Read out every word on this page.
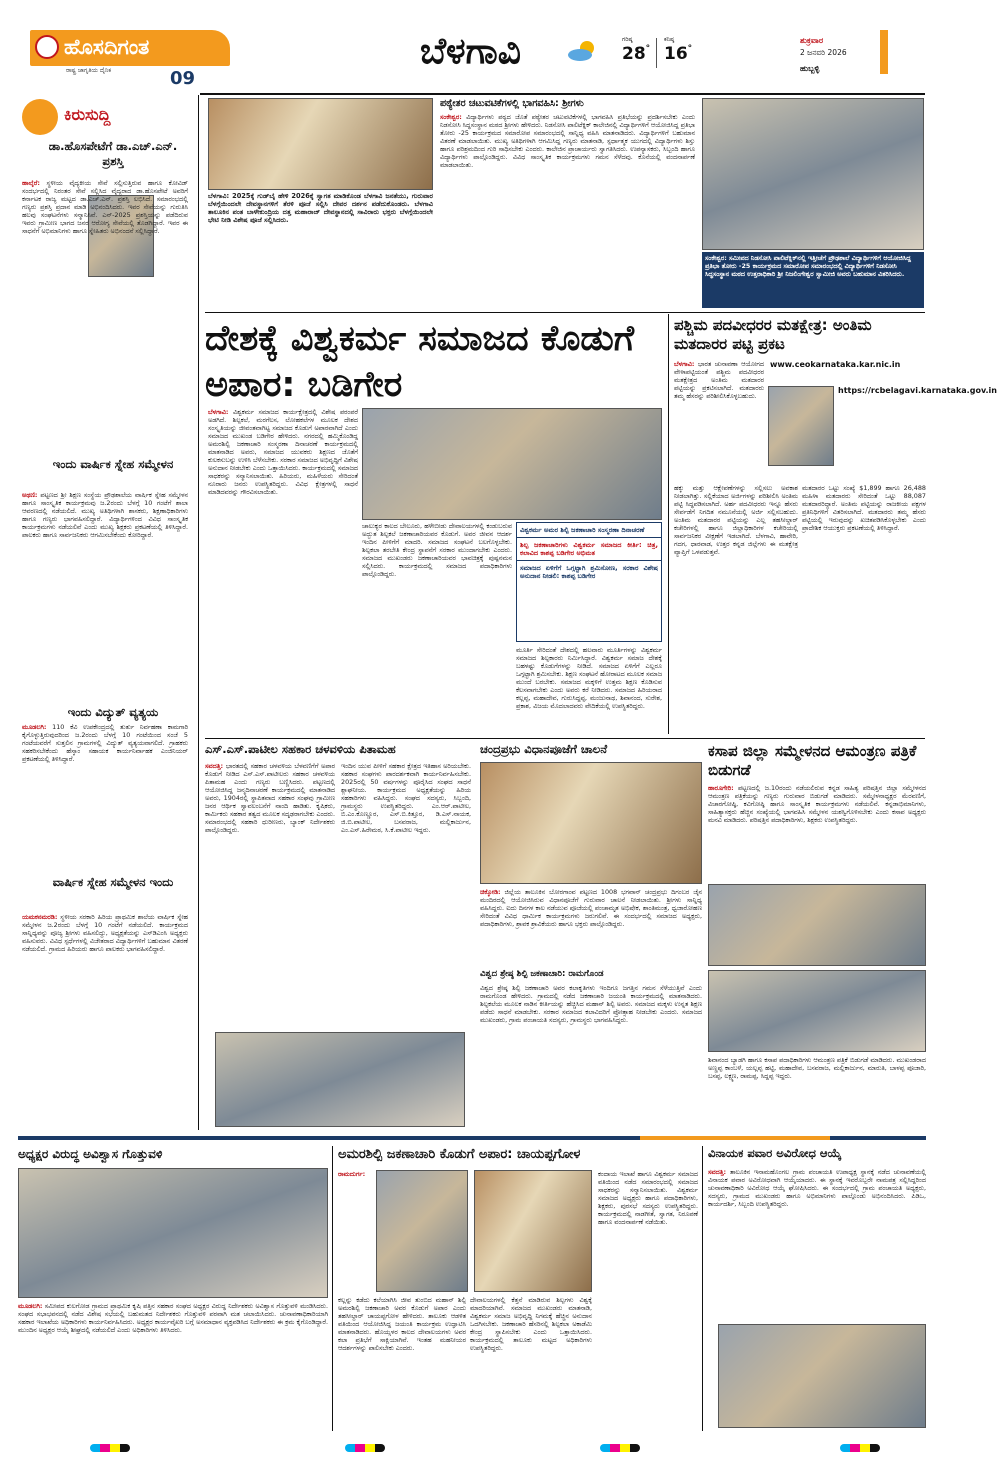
ಹೊಸದಿಗಂತ
ರಾಷ್ಟ್ರ ಜಾಗೃತಿಯ ದೈನಿಕ	09
ಬೆಳಗಾವಿ	ಗರಿಷ್ಠ
28°
ಕನಿಷ್ಠ
16°
ಶುಕ್ರವಾರ
2 ಜನವರಿ 2026
ಹುಬ್ಬಳ್ಳಿ
ಕಿರುಸುದ್ದಿ
ಡಾ.ಹೊಸಪೇಟೆಗೆ ಡಾ.ಎಚ್.ಎನ್. ಪ್ರಶಸ್ತಿ
ಹಾಲ್ಕೆರೆ: ಸ್ಥಳೀಯ ವೈದ್ಯಕೀಯ ಸೇವೆ ಸಲ್ಲಿಸುತ್ತಿರುವ ಹಾಗೂ ಕೋವಿಡ್ ಸಂದರ್ಭದಲ್ಲಿ ನಿರಂತರ ಸೇವೆ ಸಲ್ಲಿಸಿದ ವೈದ್ಯರಾದ ಡಾ.ಹೊಸಪೇಟೆ ಅವರಿಗೆ ಕರ್ನಾಟಕ ರಾಜ್ಯ ಮಟ್ಟದ ಡಾ.ಎಚ್.ಎನ್. ಪ್ರಶಸ್ತಿ ಲಭಿಸಿದೆ. ಸಮಾರಂಭದಲ್ಲಿ ಗಣ್ಯರು ಪ್ರಶಸ್ತಿ ಪ್ರದಾನ ಮಾಡಿ ಅಭಿನಂದಿಸಿದರು. ಇವರ ಸೇವೆಯನ್ನು ಗುರುತಿಸಿ ಹಲವು ಸಂಘಟನೆಗಳು ಸನ್ಮಾನಿಸಿವೆ. ಎನ್-2025 ಪ್ರಶಸ್ತಿಯನ್ನು ಪಡೆದಿರುವ ಇವರು ಗ್ರಾಮೀಣ ಭಾಗದ ಜನರ ಆರೋಗ್ಯ ಸೇವೆಯಲ್ಲಿ ತೊಡಗಿದ್ದಾರೆ. ಇವರ ಈ ಸಾಧನೆಗೆ ಅಭಿಮಾನಿಗಳು ಹಾಗೂ ಸ್ನೇಹಿತರು ಅಭಿನಂದನೆ ಸಲ್ಲಿಸಿದ್ದಾರೆ.
ಇಂದು ವಾರ್ಷಿಕ ಸ್ನೇಹ ಸಮ್ಮೇಳನ
ಅಥಣಿ: ಪಟ್ಟಣದ ಶ್ರೀ ಶಿಕ್ಷಣ ಸಂಸ್ಥೆಯ ಪ್ರೌಢಶಾಲೆಯ ವಾರ್ಷಿಕ ಸ್ನೇಹ ಸಮ್ಮೇಳನ ಹಾಗೂ ಸಾಂಸ್ಕೃತಿಕ ಕಾರ್ಯಕ್ರಮವು ಜ.2ರಂದು ಬೆಳಗ್ಗೆ 10 ಗಂಟೆಗೆ ಶಾಲಾ ಆವರಣದಲ್ಲಿ ನಡೆಯಲಿದೆ. ಮುಖ್ಯ ಅತಿಥಿಗಳಾಗಿ ಶಾಸಕರು, ಶಿಕ್ಷಣಾಧಿಕಾರಿಗಳು ಹಾಗೂ ಗಣ್ಯರು ಭಾಗವಹಿಸಲಿದ್ದಾರೆ. ವಿದ್ಯಾರ್ಥಿಗಳಿಂದ ವಿವಿಧ ಸಾಂಸ್ಕೃತಿಕ ಕಾರ್ಯಕ್ರಮಗಳು ನಡೆಯಲಿವೆ ಎಂದು ಮುಖ್ಯ ಶಿಕ್ಷಕರು ಪ್ರಕಟಣೆಯಲ್ಲಿ ತಿಳಿಸಿದ್ದಾರೆ. ಪಾಲಕರು ಹಾಗೂ ಸಾರ್ವಜನಿಕರು ಆಗಮಿಸಬೇಕೆಂದು ಕೋರಿದ್ದಾರೆ.
ಇಂದು ವಿದ್ಯುತ್ ವ್ಯತ್ಯಯ
ಮೂಡಲಗಿ: 110 ಕೆವಿ ಉಪಕೇಂದ್ರದಲ್ಲಿ ತುರ್ತು ನಿರ್ವಹಣಾ ಕಾಮಗಾರಿ ಕೈಗೊಳ್ಳುತ್ತಿರುವುದರಿಂದ ಜ.2ರಂದು ಬೆಳಗ್ಗೆ 10 ಗಂಟೆಯಿಂದ ಸಂಜೆ 5 ಗಂಟೆಯವರೆಗೆ ಸುತ್ತಲಿನ ಗ್ರಾಮಗಳಲ್ಲಿ ವಿದ್ಯುತ್ ವ್ಯತ್ಯಯವಾಗಲಿದೆ. ಗ್ರಾಹಕರು ಸಹಕರಿಸಬೇಕೆಂದು ಹೆಸ್ಕಾಂ ಸಹಾಯಕ ಕಾರ್ಯನಿರ್ವಾಹಕ ಎಂಜಿನಿಯರ್ ಪ್ರಕಟಣೆಯಲ್ಲಿ ತಿಳಿಸಿದ್ದಾರೆ.
ವಾರ್ಷಿಕ ಸ್ನೇಹ ಸಮ್ಮೇಳನ ಇಂದು
ಯಮಕನಮರಡಿ: ಸ್ಥಳೀಯ ಸರಕಾರಿ ಹಿರಿಯ ಪ್ರಾಥಮಿಕ ಶಾಲೆಯ ವಾರ್ಷಿಕ ಸ್ನೇಹ ಸಮ್ಮೇಳನ ಜ.2ರಂದು ಬೆಳಗ್ಗೆ 10 ಗಂಟೆಗೆ ನಡೆಯಲಿದೆ. ಕಾರ್ಯಕ್ರಮದ ಸಾನ್ನಿಧ್ಯವನ್ನು ಪೂಜ್ಯ ಶ್ರೀಗಳು ವಹಿಸಲಿದ್ದು, ಅಧ್ಯಕ್ಷತೆಯನ್ನು ಎಸ್‌ಡಿಎಂಸಿ ಅಧ್ಯಕ್ಷರು ವಹಿಸುವರು. ವಿವಿಧ ಸ್ಪರ್ಧೆಗಳಲ್ಲಿ ವಿಜೇತರಾದ ವಿದ್ಯಾರ್ಥಿಗಳಿಗೆ ಬಹುಮಾನ ವಿತರಣೆ ನಡೆಯಲಿದೆ. ಗ್ರಾಮದ ಹಿರಿಯರು ಹಾಗೂ ಪಾಲಕರು ಭಾಗವಹಿಸಲಿದ್ದಾರೆ.
ಬೆಳಗಾವಿ: 2025ಕ್ಕೆ ಗುಡ್‌ಬೈ ಹೇಳಿ 2026ಕ್ಕೆ ಸ್ವಾಗತ ಮಾಡಿಕೊಂಡ ಬೆಳಗಾವಿ ಜನತೆಯು, ಗುರುವಾರ ಬೆಳಗ್ಗೆಯಿಂದಲೇ ದೇವಸ್ಥಾನಗಳಿಗೆ ತೆರಳಿ ಪೂಜೆ ಸಲ್ಲಿಸಿ ದೇವರ ದರ್ಶನ ಪಡೆದುಕೊಂಡರು. ಬೆಳಗಾವಿ ತಾಲೂಕಿನ ಪಂತ ಬಾಳೇಕುಂದ್ರಿಯ ದತ್ತ ಮಹಾರಾಜ್ ದೇವಸ್ಥಾನದಲ್ಲಿ ಸಾವಿರಾರು ಭಕ್ತರು ಬೆಳಗ್ಗೆಯಿಂದಲೇ ಭೇಟಿ ನೀಡಿ ವಿಶೇಷ ಪೂಜೆ ಸಲ್ಲಿಸಿದರು.
ಪಠ್ಯೇತರ ಚಟುವಟಿಕೆಗಳಲ್ಲಿ ಭಾಗವಹಿಸಿ: ಶ್ರೀಗಳು
ಸಂಕೇಶ್ವರ: ವಿದ್ಯಾರ್ಥಿಗಳು ಪಠ್ಯದ ಜೊತೆ ಪಠ್ಯೇತರ ಚಟುವಟಿಕೆಗಳಲ್ಲಿ ಭಾಗವಹಿಸಿ ಪ್ರತಿಭೆಯನ್ನು ಪ್ರದರ್ಶಿಸಬೇಕು ಎಂದು ನಿಡಸೋಸಿ ಸಿದ್ಧಸಂಸ್ಥಾನ ಮಠದ ಶ್ರೀಗಳು ಹೇಳಿದರು. ನಿಡಸೋಸಿ ಪಾಲಿಟೆಕ್ನಿಕ್ ಕಾಲೇಜಿನಲ್ಲಿ ವಿದ್ಯಾರ್ಥಿಗಳಿಗೆ ಆಯೋಜಿಸಿದ್ದ ಪ್ರತಿಭಾ ತೋರು -25 ಕಾರ್ಯಕ್ರಮದ ಸಮಾರೋಪ ಸಮಾರಂಭದಲ್ಲಿ ಸಾನ್ನಿಧ್ಯ ವಹಿಸಿ ಮಾತನಾಡಿದರು. ವಿದ್ಯಾರ್ಥಿಗಳಿಗೆ ಬಹುಮಾನ ವಿತರಣೆ ಮಾಡಲಾಯಿತು. ಮುಖ್ಯ ಅತಿಥಿಗಳಾಗಿ ಆಗಮಿಸಿದ್ದ ಗಣ್ಯರು ಮಾತನಾಡಿ, ಸ್ಪರ್ಧಾತ್ಮಕ ಯುಗದಲ್ಲಿ ವಿದ್ಯಾರ್ಥಿಗಳು ಶಿಸ್ತು ಹಾಗೂ ಪರಿಶ್ರಮದಿಂದ ಗುರಿ ಸಾಧಿಸಬೇಕು ಎಂದರು. ಕಾಲೇಜಿನ ಪ್ರಾಚಾರ್ಯರು ಸ್ವಾಗತಿಸಿದರು. ಉಪನ್ಯಾಸಕರು, ಸಿಬ್ಬಂದಿ ಹಾಗೂ ವಿದ್ಯಾರ್ಥಿಗಳು ಪಾಲ್ಗೊಂಡಿದ್ದರು. ವಿವಿಧ ಸಾಂಸ್ಕೃತಿಕ ಕಾರ್ಯಕ್ರಮಗಳು ಗಮನ ಸೆಳೆದವು. ಕೊನೆಯಲ್ಲಿ ವಂದನಾರ್ಪಣೆ ಮಾಡಲಾಯಿತು.
ಸಂಕೇಶ್ವರ: ಸಮೀಪದ ನಿಡಸೋಸಿ ಪಾಲಿಟೆಕ್ನಿಕ್‌ನಲ್ಲಿ ಇತ್ತೀಚೆಗೆ ಪ್ರೌಢಶಾಲೆ ವಿದ್ಯಾರ್ಥಿಗಳಿಗೆ ಆಯೋಜಿಸಿದ್ದ ಪ್ರತಿಭಾ ತೋರು -25 ಕಾರ್ಯಕ್ರಮದ ಸಮಾರೋಪ ಸಮಾರಂಭದಲ್ಲಿ ವಿದ್ಯಾರ್ಥಿಗಳಿಗೆ ನಿಡಸೋಸಿ ಸಿದ್ಧಸಂಸ್ಥಾನ ಮಠದ ಉತ್ತರಾಧಿಕಾರಿ ಶ್ರೀ ನಿಜಲಿಂಗೇಶ್ವರ ಸ್ವಾಮೀಜಿ ಅವರು ಬಹುಮಾನ ವಿತರಿಸಿದರು.
ದೇಶಕ್ಕೆ ವಿಶ್ವಕರ್ಮ ಸಮಾಜದ ಕೊಡುಗೆ ಅಪಾರ: ಬಡಿಗೇರ
ಬೆಳಗಾವಿ: ವಿಶ್ವಕರ್ಮ ಸಮಾಜದ ಕಾರ್ಯಕ್ಷೇತ್ರದಲ್ಲಿ ವಿಶೇಷ ಪರಂಪರೆ ಅಡಗಿದೆ. ಶಿಲ್ಪಕಲೆ, ಮರಗೆಲಸ, ಲೋಹಕಲೆಗಳ ಮೂಲಕ ದೇಶದ ಸಂಸ್ಕೃತಿಯನ್ನು ಜೀವಂತವಾಗಿಟ್ಟ ಸಮಾಜದ ಕೊಡುಗೆ ಅಪಾರವಾಗಿದೆ ಎಂದು ಸಮಾಜದ ಮುಖಂಡ ಬಡಿಗೇರ ಹೇಳಿದರು. ನಗರದಲ್ಲಿ ಹಮ್ಮಿಕೊಂಡಿದ್ದ ಅಮರಶಿಲ್ಪಿ ಜಕಣಾಚಾರಿ ಸಂಸ್ಮರಣಾ ದಿನಾಚರಣೆ ಕಾರ್ಯಕ್ರಮದಲ್ಲಿ ಮಾತನಾಡಿದ ಅವರು, ಸಮಾಜದ ಯುವಕರು ಶಿಕ್ಷಣದ ಜೊತೆಗೆ ಕುಲಕಸುಬನ್ನು ಉಳಿಸಿ ಬೆಳೆಸಬೇಕು. ಸರಕಾರ ಸಮಾಜದ ಅಭಿವೃದ್ಧಿಗೆ ವಿಶೇಷ ಅನುದಾನ ನೀಡಬೇಕು ಎಂದು ಒತ್ತಾಯಿಸಿದರು. ಕಾರ್ಯಕ್ರಮದಲ್ಲಿ ಸಮಾಜದ ಸಾಧಕರನ್ನು ಸನ್ಮಾನಿಸಲಾಯಿತು. ಹಿರಿಯರು, ಮಹಿಳೆಯರು ಸೇರಿದಂತೆ ನೂರಾರು ಜನರು ಉಪಸ್ಥಿತರಿದ್ದರು. ವಿವಿಧ ಕ್ಷೇತ್ರಗಳಲ್ಲಿ ಸಾಧನೆ ಮಾಡಿದವರನ್ನು ಗೌರವಿಸಲಾಯಿತು.
ಚಾಲುಕ್ಯರ ಕಾಲದ ಬೇಲೂರು, ಹಳೇಬೀಡು ದೇವಾಲಯಗಳಲ್ಲಿ ಕಂಡುಬರುವ ಅದ್ಭುತ ಶಿಲ್ಪಕಲೆ ಜಕಣಾಚಾರಿಯವರ ಕೊಡುಗೆ. ಅವರ ಜೀವನ ಆದರ್ಶ ಇಂದಿನ ಪೀಳಿಗೆಗೆ ಮಾದರಿ. ಸಮಾಜದ ಸಂಘಟನೆ ಬಲಗೊಳ್ಳಬೇಕು. ಶಿಲ್ಪಕಲಾ ತರಬೇತಿ ಕೇಂದ್ರ ಸ್ಥಾಪನೆಗೆ ಸರಕಾರ ಮುಂದಾಗಬೇಕು ಎಂದರು. ಸಮಾಜದ ಮುಖಂಡರು ಜಕಣಾಚಾರಿಯವರ ಭಾವಚಿತ್ರಕ್ಕೆ ಪುಷ್ಪನಮನ ಸಲ್ಲಿಸಿದರು. ಕಾರ್ಯಕ್ರಮದಲ್ಲಿ ಸಮಾಜದ ಪದಾಧಿಕಾರಿಗಳು ಪಾಲ್ಗೊಂಡಿದ್ದರು.
ವಿಶ್ವಕರ್ಮ ಅಮರ ಶಿಲ್ಪಿ ಜಕಣಾಚಾರಿ ಸಂಸ್ಮರಣಾ ದಿನಾಚರಣೆ
ಶಿಲ್ಪ ಜಕಣಾಚಾರಿಗಳು ವಿಶ್ವಕರ್ಮ ಸಮಾಜದ ಕೀರ್ತಿ: ಚಿತ್ರ, ಕಲಾವಿದ ಕಾಶಪ್ಪ ಬಡಿಗೇರ ಅಭಿಮತ
ಸಮಾಜದ ಏಳಿಗೆಗೆ ಒಗ್ಗಟ್ಟಾಗಿ ಶ್ರಮಿಸೋಣ, ಸರಕಾರ ವಿಶೇಷ ಅನುದಾನ ನೀಡಲಿ: ಕಾಶಪ್ಪ ಬಡಿಗೇರ
ಮೂರ್ತಿ ಸೇರಿದಂತೆ ದೇಶದಲ್ಲಿ ಹಲವಾರು ಮೂರ್ತಿಗಳನ್ನು ವಿಶ್ವಕರ್ಮ ಸಮಾಜದ ಶಿಲ್ಪಕಾರರು ನಿರ್ಮಿಸಿದ್ದಾರೆ. ವಿಶ್ವಕರ್ಮ ಸಮಾಜ ದೇಶಕ್ಕೆ ಬಹಳಷ್ಟು ಕೊಡುಗೆಗಳನ್ನು ನೀಡಿದೆ. ಸಮಾಜದ ಏಳಿಗೆಗೆ ಎಲ್ಲರೂ ಒಗ್ಗಟ್ಟಾಗಿ ಶ್ರಮಿಸಬೇಕು. ಶಿಕ್ಷಣ ಸಂಘಟನೆ ಹೋರಾಟದ ಮೂಲಕ ಸಮಾಜ ಮುಂದೆ ಬರಬೇಕು. ಸಮಾಜದ ಮಕ್ಕಳಿಗೆ ಉತ್ತಮ ಶಿಕ್ಷಣ ಕೊಡಿಸುವ ಕೆಲಸವಾಗಬೇಕು ಎಂದು ಅವರು ಕರೆ ನೀಡಿದರು. ಸಮಾಜದ ಹಿರಿಯರಾದ ಕಲ್ಲಪ್ಪ, ಮಹಾದೇವ, ಗುರುಸಿದ್ದಪ್ಪ, ಮಂಜುನಾಥ, ಶಿವಾನಂದ, ಸುರೇಶ, ಪ್ರಕಾಶ, ವಿಜಯ ಮೊದಲಾದವರು ವೇದಿಕೆಯಲ್ಲಿ ಉಪಸ್ಥಿತರಿದ್ದರು.
ಪಶ್ಚಿಮ ಪದವೀಧರರ ಮತಕ್ಷೇತ್ರ: ಅಂತಿಮ ಮತದಾರರ ಪಟ್ಟಿ ಪ್ರಕಟ
ಬೆಳಗಾವಿ: ಭಾರತ ಚುನಾವಣಾ ಆಯೋಗದ ವೇಳಾಪಟ್ಟಿಯಂತೆ ಪಶ್ಚಿಮ ಪದವೀಧರರ ಮತಕ್ಷೇತ್ರದ ಅಂತಿಮ ಮತದಾರರ ಪಟ್ಟಿಯನ್ನು ಪ್ರಕಟಿಸಲಾಗಿದೆ. ಮತದಾರರು ತಮ್ಮ ಹೆಸರನ್ನು ಪರಿಶೀಲಿಸಿಕೊಳ್ಳಬಹುದು.
www.ceokarnataka.kar.nic.in
https://rcbelagavi.karnataka.gov.in
ಹಕ್ಕು ಮತ್ತು ಆಕ್ಷೇಪಣೆಗಳನ್ನು ಸಲ್ಲಿಸಲು ಅವಕಾಶ ನೀಡಲಾಗಿತ್ತು. ಸಲ್ಲಿಕೆಯಾದ ಅರ್ಜಿಗಳನ್ನು ಪರಿಶೀಲಿಸಿ ಅಂತಿಮ ಪಟ್ಟಿ ಸಿದ್ಧಪಡಿಸಲಾಗಿದೆ. ಅರ್ಹ ಪದವೀಧರರು ಇನ್ನೂ ಹೆಸರು ಸೇರ್ಪಡೆಗೆ ನಿಗದಿತ ನಮೂನೆಯಲ್ಲಿ ಅರ್ಜಿ ಸಲ್ಲಿಸಬಹುದು. ಅಂತಿಮ ಮತದಾರರ ಪಟ್ಟಿಯನ್ನು ಎಲ್ಲ ತಹಸೀಲ್ದಾರ್ ಕಚೇರಿಗಳಲ್ಲಿ ಹಾಗೂ ಜಿಲ್ಲಾಧಿಕಾರಿಗಳ ಕಚೇರಿಯಲ್ಲಿ ಸಾರ್ವಜನಿಕರ ವೀಕ್ಷಣೆಗೆ ಇಡಲಾಗಿದೆ. ಬೆಳಗಾವಿ, ಹಾವೇರಿ, ಗದಗ, ಧಾರವಾಡ, ಉತ್ತರ ಕನ್ನಡ ಜಿಲ್ಲೆಗಳು ಈ ಮತಕ್ಷೇತ್ರ ವ್ಯಾಪ್ತಿಗೆ ಒಳಪಡುತ್ತವೆ.
ಮತದಾರರ ಒಟ್ಟು ಸಂಖ್ಯೆ $1,899 ಹಾಗೂ 26,488 ಮಹಿಳಾ ಮತದಾರರು ಸೇರಿದಂತೆ ಒಟ್ಟು 88,087 ಮತದಾರರಿದ್ದಾರೆ. ಅಂತಿಮ ಪಟ್ಟಿಯನ್ನು ರಾಜಕೀಯ ಪಕ್ಷಗಳ ಪ್ರತಿನಿಧಿಗಳಿಗೆ ವಿತರಿಸಲಾಗಿದೆ. ಮತದಾರರು ತಮ್ಮ ಹೆಸರು ಪಟ್ಟಿಯಲ್ಲಿ ಇರುವುದನ್ನು ಖಚಿತಪಡಿಸಿಕೊಳ್ಳಬೇಕು ಎಂದು ಪ್ರಾದೇಶಿಕ ಆಯುಕ್ತರು ಪ್ರಕಟಣೆಯಲ್ಲಿ ತಿಳಿಸಿದ್ದಾರೆ.
ಎಸ್.ಎಸ್.ಪಾಟೀಲ ಸಹಕಾರ ಚಳವಳಿಯ ಪಿತಾಮಹ
ಸವದತ್ತಿ: ಭಾರತದಲ್ಲಿ ಸಹಕಾರ ಚಳವಳಿಯ ಬೆಳವಣಿಗೆಗೆ ಅಪಾರ ಕೊಡುಗೆ ನೀಡಿದ ಎಸ್.ಎಸ್.ಪಾಟೀಲರು ಸಹಕಾರ ಚಳವಳಿಯ ಪಿತಾಮಹ ಎಂದು ಗಣ್ಯರು ಬಣ್ಣಿಸಿದರು. ಪಟ್ಟಣದಲ್ಲಿ ಆಯೋಜಿಸಿದ್ದ ಜನ್ಮದಿನಾಚರಣೆ ಕಾರ್ಯಕ್ರಮದಲ್ಲಿ ಮಾತನಾಡಿದ ಅವರು, 1904ರಲ್ಲಿ ಸ್ಥಾಪಿತವಾದ ಸಹಕಾರ ಸಂಘವು ಗ್ರಾಮೀಣ ಜನರ ಆರ್ಥಿಕ ಸ್ವಾವಲಂಬನೆಗೆ ನಾಂದಿ ಹಾಡಿತು. ಕೃಷಿಕರು, ಕಾರ್ಮಿಕರು ಸಹಕಾರ ತತ್ವದ ಮೂಲಕ ಸದೃಢರಾಗಬೇಕು ಎಂದರು. ಸಮಾರಂಭದಲ್ಲಿ ಸಹಕಾರಿ ಧುರೀಣರು, ಬ್ಯಾಂಕ್ ನಿರ್ದೇಶಕರು ಪಾಲ್ಗೊಂಡಿದ್ದರು.
ಇಂದಿನ ಯುವ ಪೀಳಿಗೆ ಸಹಕಾರ ಕ್ಷೇತ್ರದ ಇತಿಹಾಸ ಅರಿಯಬೇಕು. ಸಹಕಾರ ಸಂಘಗಳು ಪಾರದರ್ಶಕವಾಗಿ ಕಾರ್ಯನಿರ್ವಹಿಸಬೇಕು. 2025ರಲ್ಲಿ 50 ವರ್ಷಗಳನ್ನು ಪೂರೈಸಿದ ಸಂಘದ ಸಾಧನೆ ಶ್ಲಾಘನೀಯ. ಕಾರ್ಯಕ್ರಮದ ಅಧ್ಯಕ್ಷತೆಯನ್ನು ಹಿರಿಯ ಸಹಕಾರಿಗಳು ವಹಿಸಿದ್ದರು. ಸಂಘದ ಸದಸ್ಯರು, ಸಿಬ್ಬಂದಿ, ಗ್ರಾಮಸ್ಥರು ಉಪಸ್ಥಿತರಿದ್ದರು. ಎಂ.ಆರ್.ಪಾಟೀಲ, ಬಿ.ಎಂ.ಕೊಣ್ಣೂರ, ಎಸ್.ಬಿ.ಕಿತ್ತೂರ, ಡಿ.ಎಸ್.ನಾಯಕ, ಜಿ.ಬಿ.ಪಾಟೀಲ, ಬಸವರಾಜ, ಮಲ್ಲಿಕಾರ್ಜುನ, ಎಂ.ಎಸ್.ಹಿರೇಮಠ, ಸಿ.ಕೆ.ಪಾಟೀಲ ಇದ್ದರು.
ಚಂದ್ರಪ್ರಭು ವಿಧಾನಪೂಜೆಗೆ ಚಾಲನೆ
ಚಿಕ್ಕೋಡಿ: ಜಿಲ್ಲೆಯ ತಾಲೂಕಿನ ಬೋರಗಾಂವ ಪಟ್ಟಣದ 1008 ಭಗವಾನ್ ಚಂದ್ರಪ್ರಭು ದಿಗಂಬರ ಜೈನ ಮಂದಿರದಲ್ಲಿ ಆಯೋಜಿಸಿರುವ ವಿಧಾನಪೂಜೆಗೆ ಗುರುವಾರ ಚಾಲನೆ ನೀಡಲಾಯಿತು. ಶ್ರೀಗಳು ಸಾನ್ನಿಧ್ಯ ವಹಿಸಿದ್ದರು. ಐದು ದಿನಗಳ ಕಾಲ ನಡೆಯುವ ಪೂಜೆಯಲ್ಲಿ ಪಂಚಾಮೃತ ಅಭಿಷೇಕ, ಶಾಂತಿಮಂತ್ರ, ಧ್ವಜಾರೋಹಣ ಸೇರಿದಂತೆ ವಿವಿಧ ಧಾರ್ಮಿಕ ಕಾರ್ಯಕ್ರಮಗಳು ಜರುಗಲಿವೆ. ಈ ಸಂದರ್ಭದಲ್ಲಿ ಸಮಾಜದ ಅಧ್ಯಕ್ಷರು, ಪದಾಧಿಕಾರಿಗಳು, ಶ್ರಾವಕ ಶ್ರಾವಿಕೆಯರು ಹಾಗೂ ಭಕ್ತರು ಪಾಲ್ಗೊಂಡಿದ್ದರು.
ವಿಶ್ವದ ಶ್ರೇಷ್ಠ ಶಿಲ್ಪಿ ಜಕಣಾಚಾರಿ: ರಾಮಗೊಂಡ
ವಿಶ್ವದ ಶ್ರೇಷ್ಠ ಶಿಲ್ಪಿ ಜಕಣಾಚಾರಿ ಅವರ ಕಲಾಕೃತಿಗಳು ಇಂದಿಗೂ ಜಗತ್ತಿನ ಗಮನ ಸೆಳೆಯುತ್ತಿವೆ ಎಂದು ರಾಮಗೊಂಡ ಹೇಳಿದರು. ಗ್ರಾಮದಲ್ಲಿ ನಡೆದ ಜಕಣಾಚಾರಿ ಜಯಂತಿ ಕಾರ್ಯಕ್ರಮದಲ್ಲಿ ಮಾತನಾಡಿದರು. ಶಿಲ್ಪಕಲೆಯ ಮೂಲಕ ನಾಡಿನ ಕೀರ್ತಿಯನ್ನು ಹೆಚ್ಚಿಸಿದ ಮಹಾನ್ ಶಿಲ್ಪಿ ಅವರು. ಸಮಾಜದ ಮಕ್ಕಳು ಉನ್ನತ ಶಿಕ್ಷಣ ಪಡೆದು ಸಾಧನೆ ಮಾಡಬೇಕು. ಸರಕಾರ ಸಮಾಜದ ಕಲಾವಿದರಿಗೆ ಪ್ರೋತ್ಸಾಹ ನೀಡಬೇಕು ಎಂದರು. ಸಮಾಜದ ಮುಖಂಡರು, ಗ್ರಾಮ ಪಂಚಾಯತಿ ಸದಸ್ಯರು, ಗ್ರಾಮಸ್ಥರು ಭಾಗವಹಿಸಿದ್ದರು.
ಕಸಾಪ ಜಿಲ್ಲಾ ಸಮ್ಮೇಳನದ ಆಮಂತ್ರಣ ಪತ್ರಿಕೆ ಬಿಡುಗಡೆ
ಹಾರೂಗೇರಿ: ಪಟ್ಟಣದಲ್ಲಿ ಜ.10ರಂದು ನಡೆಯಲಿರುವ ಕನ್ನಡ ಸಾಹಿತ್ಯ ಪರಿಷತ್ತಿನ ಜಿಲ್ಲಾ ಸಮ್ಮೇಳನದ ಆಮಂತ್ರಣ ಪತ್ರಿಕೆಯನ್ನು ಗಣ್ಯರು ಗುರುವಾರ ಬಿಡುಗಡೆ ಮಾಡಿದರು. ಸಮ್ಮೇಳನಾಧ್ಯಕ್ಷರ ಮೆರವಣಿಗೆ, ವಿಚಾರಗೋಷ್ಠಿ, ಕವಿಗೋಷ್ಠಿ ಹಾಗೂ ಸಾಂಸ್ಕೃತಿಕ ಕಾರ್ಯಕ್ರಮಗಳು ನಡೆಯಲಿವೆ. ಕನ್ನಡಾಭಿಮಾನಿಗಳು, ಸಾಹಿತ್ಯಾಸಕ್ತರು ಹೆಚ್ಚಿನ ಸಂಖ್ಯೆಯಲ್ಲಿ ಭಾಗವಹಿಸಿ ಸಮ್ಮೇಳನ ಯಶಸ್ವಿಗೊಳಿಸಬೇಕು ಎಂದು ಕಸಾಪ ಅಧ್ಯಕ್ಷರು ಮನವಿ ಮಾಡಿದರು. ಪರಿಷತ್ತಿನ ಪದಾಧಿಕಾರಿಗಳು, ಶಿಕ್ಷಕರು ಉಪಸ್ಥಿತರಿದ್ದರು.
ಶಿವಾನಂದ ಬ್ಯಾಡಗಿ ಹಾಗೂ ಕಸಾಪ ಪದಾಧಿಕಾರಿಗಳು ಆಮಂತ್ರಣ ಪತ್ರಿಕೆ ಬಿಡುಗಡೆ ಮಾಡಿದರು. ಮುಖಂಡರಾದ ಅಣ್ಣಪ್ಪ ಕಾಂಬಳೆ, ಯಲ್ಲಪ್ಪ ಹಟ್ಟಿ, ಮಹಾದೇವ, ಬಸವರಾಜ, ಮಲ್ಲಿಕಾರ್ಜುನ, ಮಾರುತಿ, ಬಾಳಪ್ಪ ಪೂಜಾರಿ, ಬಸಪ್ಪ, ಲಕ್ಷ್ಮಣ, ರಾಮಪ್ಪ, ಸಿದ್ದಪ್ಪ ಇದ್ದರು.
ಅಧ್ಯಕ್ಷರ ವಿರುದ್ಧ ಅವಿಶ್ವಾಸ ಗೊತ್ತುವಳಿ
ಮೂಡಲಗಿ: ಸಮೀಪದ ಕುಲಗೋಡ ಗ್ರಾಮದ ಪ್ರಾಥಮಿಕ ಕೃಷಿ ಪತ್ತಿನ ಸಹಕಾರ ಸಂಘದ ಅಧ್ಯಕ್ಷರ ವಿರುದ್ಧ ನಿರ್ದೇಶಕರು ಅವಿಶ್ವಾಸ ಗೊತ್ತುವಳಿ ಮಂಡಿಸಿದರು. ಸಂಘದ ಸಭಾಭವನದಲ್ಲಿ ನಡೆದ ವಿಶೇಷ ಸಭೆಯಲ್ಲಿ ಬಹುಮತದ ನಿರ್ದೇಶಕರು ಗೊತ್ತುವಳಿ ಪರವಾಗಿ ಮತ ಚಲಾಯಿಸಿದರು. ಚುನಾವಣಾಧಿಕಾರಿಯಾಗಿ ಸಹಕಾರ ಇಲಾಖೆಯ ಅಧಿಕಾರಿಗಳು ಕಾರ್ಯನಿರ್ವಹಿಸಿದರು. ಅಧ್ಯಕ್ಷರ ಕಾರ್ಯವೈಖರಿ ಬಗ್ಗೆ ಅಸಮಾಧಾನ ವ್ಯಕ್ತಪಡಿಸಿದ ನಿರ್ದೇಶಕರು ಈ ಕ್ರಮ ಕೈಗೊಂಡಿದ್ದಾರೆ. ಮುಂದಿನ ಅಧ್ಯಕ್ಷರ ಆಯ್ಕೆ ಶೀಘ್ರದಲ್ಲಿ ನಡೆಯಲಿದೆ ಎಂದು ಅಧಿಕಾರಿಗಳು ತಿಳಿಸಿದರು.
ಅಮರಶಿಲ್ಪಿ ಜಕಣಾಚಾರಿ ಕೊಡುಗೆ ಅಪಾರ: ಚಾಯಪ್ಪಗೋಳ
ರಾಮದುರ್ಗ:
ಕಲ್ಲನ್ನು ಕಡೆದು ಕಲೆಯಾಗಿಸಿ ಜೀವ ತುಂಬಿದ ಮಹಾನ್ ಶಿಲ್ಪಿ ಅಮರಶಿಲ್ಪಿ ಜಕಣಾಚಾರಿ ಅವರ ಕೊಡುಗೆ ಅಪಾರ ಎಂದು ತಹಸೀಲ್ದಾರ್ ಚಾಯಪ್ಪಗೋಳ ಹೇಳಿದರು. ತಾಲೂಕು ಆಡಳಿತ ವತಿಯಿಂದ ಆಯೋಜಿಸಿದ್ದ ಜಯಂತಿ ಕಾರ್ಯಕ್ರಮ ಉದ್ಘಾಟಿಸಿ ಮಾತನಾಡಿದರು. ಹೊಯ್ಸಳರ ಕಾಲದ ದೇವಾಲಯಗಳು ಅವರ ಕಲಾ ಪ್ರತಿಭೆಗೆ ಸಾಕ್ಷಿಯಾಗಿವೆ. ಇಂತಹ ಮಹನೀಯರ ಆದರ್ಶಗಳನ್ನು ಪಾಲಿಸಬೇಕು ಎಂದರು.
ದೇವಾಲಯಗಳಲ್ಲಿ ಕೆತ್ತನೆ ಮಾಡಿರುವ ಶಿಲ್ಪಗಳು ವಿಶ್ವಕ್ಕೆ ಮಾದರಿಯಾಗಿವೆ. ಸಮಾಜದ ಮುಖಂಡರು ಮಾತನಾಡಿ, ವಿಶ್ವಕರ್ಮ ಸಮಾಜ ಅಭಿವೃದ್ಧಿ ನಿಗಮಕ್ಕೆ ಹೆಚ್ಚಿನ ಅನುದಾನ ಒದಗಿಸಬೇಕು. ಜಕಣಾಚಾರಿ ಹೆಸರಿನಲ್ಲಿ ಶಿಲ್ಪಕಲಾ ಅಕಾಡೆಮಿ ಕೇಂದ್ರ ಸ್ಥಾಪಿಸಬೇಕು ಎಂದು ಒತ್ತಾಯಿಸಿದರು. ಕಾರ್ಯಕ್ರಮದಲ್ಲಿ ತಾಲೂಕು ಮಟ್ಟದ ಅಧಿಕಾರಿಗಳು ಉಪಸ್ಥಿತರಿದ್ದರು.
ಕಂದಾಯ ಇಲಾಖೆ ಹಾಗೂ ವಿಶ್ವಕರ್ಮ ಸಮಾಜದ ವತಿಯಿಂದ ನಡೆದ ಸಮಾರಂಭದಲ್ಲಿ ಸಮಾಜದ ಸಾಧಕರನ್ನು ಸನ್ಮಾನಿಸಲಾಯಿತು. ವಿಶ್ವಕರ್ಮ ಸಮಾಜದ ಅಧ್ಯಕ್ಷರು ಹಾಗೂ ಪದಾಧಿಕಾರಿಗಳು, ಶಿಕ್ಷಕರು, ಪುರಸಭೆ ಸದಸ್ಯರು ಉಪಸ್ಥಿತರಿದ್ದರು. ಕಾರ್ಯಕ್ರಮದಲ್ಲಿ ನಾಡಗೀತೆ, ಸ್ವಾಗತ, ನಿರೂಪಣೆ ಹಾಗೂ ವಂದನಾರ್ಪಣೆ ನಡೆಯಿತು.
ವಿನಾಯಕ ಪವಾರ ಅವಿರೋಧ ಆಯ್ಕೆ
ಸವದತ್ತಿ: ತಾಲೂಕಿನ ಇನಾಮಹೊಂಗಲ ಗ್ರಾಮ ಪಂಚಾಯತಿ ಉಪಾಧ್ಯಕ್ಷ ಸ್ಥಾನಕ್ಕೆ ನಡೆದ ಚುನಾವಣೆಯಲ್ಲಿ ವಿನಾಯಕ ಪವಾರ ಅವಿರೋಧವಾಗಿ ಆಯ್ಕೆಯಾದರು. ಈ ಸ್ಥಾನಕ್ಕೆ ಇವರೊಬ್ಬರೇ ನಾಮಪತ್ರ ಸಲ್ಲಿಸಿದ್ದರಿಂದ ಚುನಾವಣಾಧಿಕಾರಿ ಅವಿರೋಧ ಆಯ್ಕೆ ಘೋಷಿಸಿದರು. ಈ ಸಂದರ್ಭದಲ್ಲಿ ಗ್ರಾಮ ಪಂಚಾಯತಿ ಅಧ್ಯಕ್ಷರು, ಸದಸ್ಯರು, ಗ್ರಾಮದ ಮುಖಂಡರು ಹಾಗೂ ಅಭಿಮಾನಿಗಳು ಪಾಲ್ಗೊಂಡು ಅಭಿನಂದಿಸಿದರು. ಪಿಡಿಒ, ಕಾರ್ಯದರ್ಶಿ, ಸಿಬ್ಬಂದಿ ಉಪಸ್ಥಿತರಿದ್ದರು.
